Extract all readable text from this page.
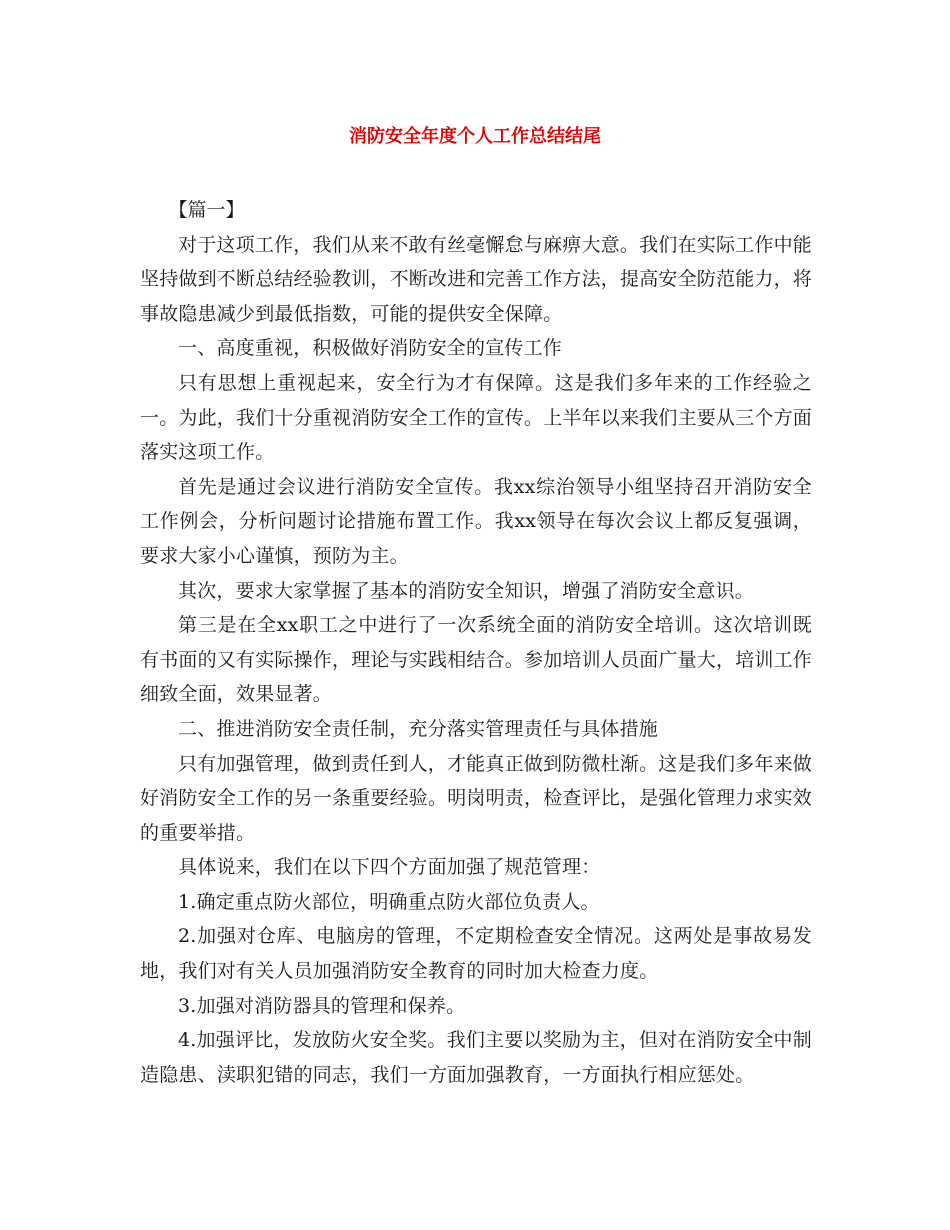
消防安全年度个人工作总结结尾

【篇一】

对于这项工作，我们从来不敢有丝毫懈怠与麻痹大意。我们在实际工作中能坚持做到不断总结经验教训，不断改进和完善工作方法，提高安全防范能力，将事故隐患减少到最低指数，可能的提供安全保障。

一、高度重视，积极做好消防安全的宣传工作

只有思想上重视起来，安全行为才有保障。这是我们多年来的工作经验之一。为此，我们十分重视消防安全工作的宣传。上半年以来我们主要从三个方面落实这项工作。

首先是通过会议进行消防安全宣传。我xx综治领导小组坚持召开消防安全工作例会，分析问题讨论措施布置工作。我xx领导在每次会议上都反复强调，要求大家小心谨慎，预防为主。

其次，要求大家掌握了基本的消防安全知识，增强了消防安全意识。

第三是在全xx职工之中进行了一次系统全面的消防安全培训。这次培训既有书面的又有实际操作，理论与实践相结合。参加培训人员面广量大，培训工作细致全面，效果显著。

二、推进消防安全责任制，充分落实管理责任与具体措施

只有加强管理，做到责任到人，才能真正做到防微杜渐。这是我们多年来做好消防安全工作的另一条重要经验。明岗明责，检查评比，是强化管理力求实效的重要举措。

具体说来，我们在以下四个方面加强了规范管理：

1.确定重点防火部位，明确重点防火部位负责人。

2.加强对仓库、电脑房的管理，不定期检查安全情况。这两处是事故易发地，我们对有关人员加强消防安全教育的同时加大检查力度。

3.加强对消防器具的管理和保养。

4.加强评比，发放防火安全奖。我们主要以奖励为主，但对在消防安全中制造隐患、渎职犯错的同志，我们一方面加强教育，一方面执行相应惩处。
